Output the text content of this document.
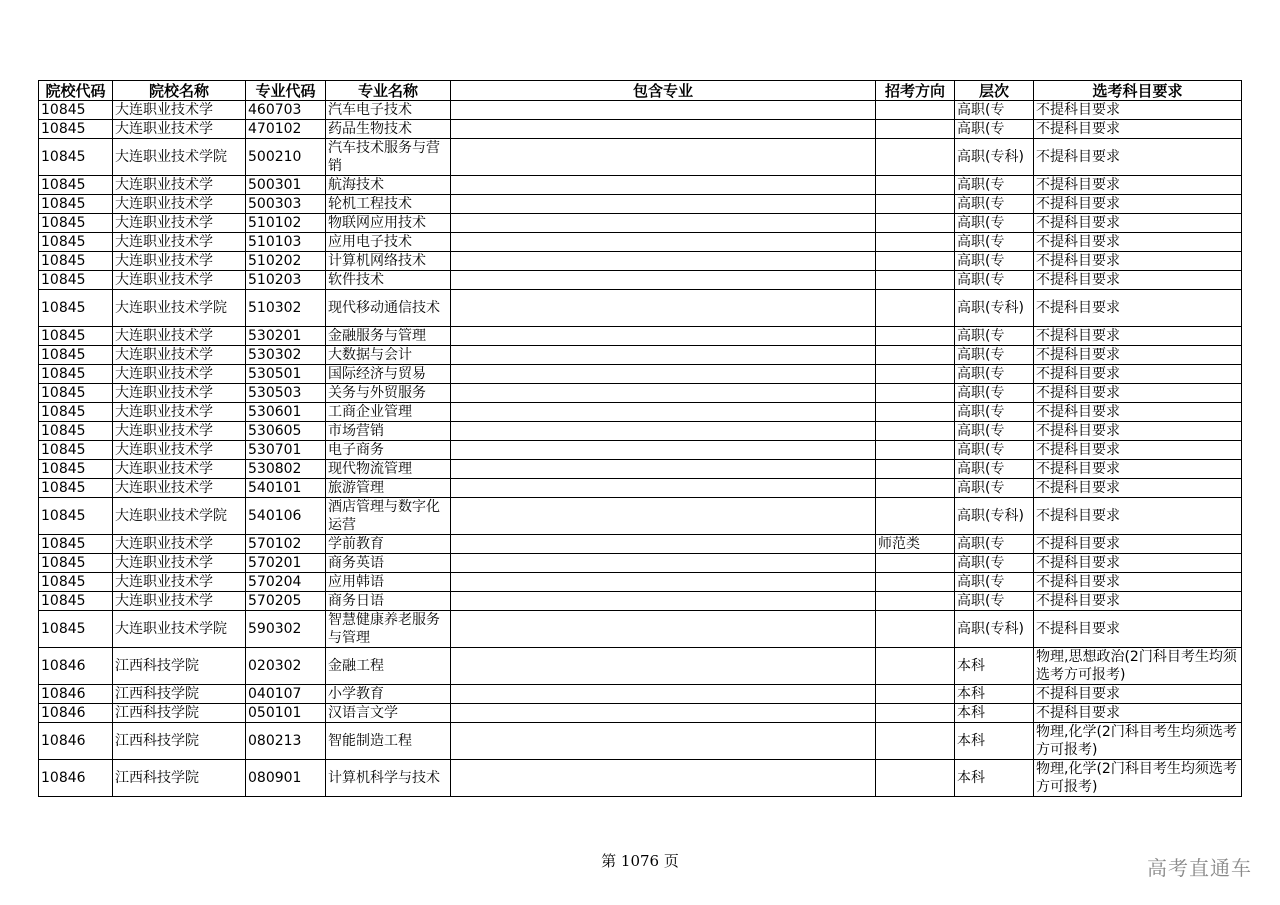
院校代码	院校名称	专业代码	专业名称	包含专业	招考方向	层次	选考科目要求
10845	大连职业技术学	460703	汽车电子技术			高职(专	不提科目要求
10845	大连职业技术学	470102	药品生物技术			高职(专	不提科目要求
10845	大连职业技术学院	500210	汽车技术服务与营销			高职(专科)	不提科目要求
10845	大连职业技术学	500301	航海技术			高职(专	不提科目要求
10845	大连职业技术学	500303	轮机工程技术			高职(专	不提科目要求
10845	大连职业技术学	510102	物联网应用技术			高职(专	不提科目要求
10845	大连职业技术学	510103	应用电子技术			高职(专	不提科目要求
10845	大连职业技术学	510202	计算机网络技术			高职(专	不提科目要求
10845	大连职业技术学	510203	软件技术			高职(专	不提科目要求
10845	大连职业技术学院	510302	现代移动通信技术			高职(专科)	不提科目要求
10845	大连职业技术学	530201	金融服务与管理			高职(专	不提科目要求
10845	大连职业技术学	530302	大数据与会计			高职(专	不提科目要求
10845	大连职业技术学	530501	国际经济与贸易			高职(专	不提科目要求
10845	大连职业技术学	530503	关务与外贸服务			高职(专	不提科目要求
10845	大连职业技术学	530601	工商企业管理			高职(专	不提科目要求
10845	大连职业技术学	530605	市场营销			高职(专	不提科目要求
10845	大连职业技术学	530701	电子商务			高职(专	不提科目要求
10845	大连职业技术学	530802	现代物流管理			高职(专	不提科目要求
10845	大连职业技术学	540101	旅游管理			高职(专	不提科目要求
10845	大连职业技术学院	540106	酒店管理与数字化运营			高职(专科)	不提科目要求
10845	大连职业技术学	570102	学前教育		师范类	高职(专	不提科目要求
10845	大连职业技术学	570201	商务英语			高职(专	不提科目要求
10845	大连职业技术学	570204	应用韩语			高职(专	不提科目要求
10845	大连职业技术学	570205	商务日语			高职(专	不提科目要求
10845	大连职业技术学院	590302	智慧健康养老服务与管理			高职(专科)	不提科目要求
10846	江西科技学院	020302	金融工程			本科	物理,思想政治(2门科目考生均须选考方可报考)
10846	江西科技学院	040107	小学教育			本科	不提科目要求
10846	江西科技学院	050101	汉语言文学			本科	不提科目要求
10846	江西科技学院	080213	智能制造工程			本科	物理,化学(2门科目考生均须选考方可报考)
10846	江西科技学院	080901	计算机科学与技术			本科	物理,化学(2门科目考生均须选考方可报考)
第 1076 页	高考直通车
